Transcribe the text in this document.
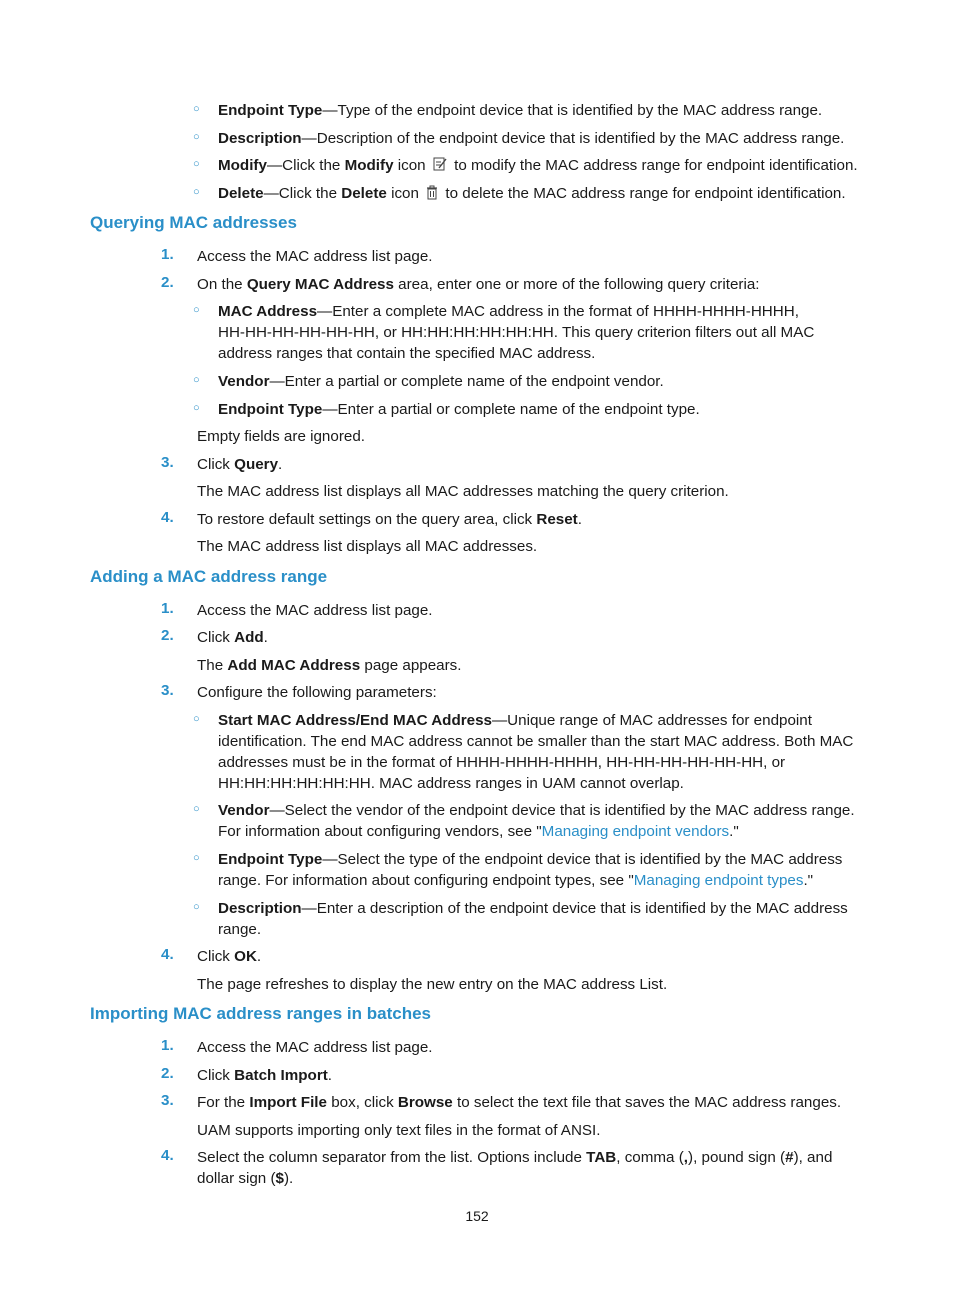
○ Endpoint Type—Type of the endpoint device that is identified by the MAC address range.
○ Description—Description of the endpoint device that is identified by the MAC address range.
○ Modify—Click the Modify icon  to modify the MAC address range for endpoint identification.
○ Delete—Click the Delete icon  to delete the MAC address range for endpoint identification.
Querying MAC addresses
1. Access the MAC address list page.
2. On the Query MAC Address area, enter one or more of the following query criteria:
○ MAC Address—Enter a complete MAC address in the format of HHHH-HHHH-HHHH,
HH-HH-HH-HH-HH-HH, or HH:HH:HH:HH:HH:HH. This query criterion filters out all MAC
address ranges that contain the specified MAC address.
○ Vendor—Enter a partial or complete name of the endpoint vendor.
○ Endpoint Type—Enter a partial or complete name of the endpoint type.
Empty fields are ignored.
3. Click Query.
The MAC address list displays all MAC addresses matching the query criterion.
4. To restore default settings on the query area, click Reset.
The MAC address list displays all MAC addresses.
Adding a MAC address range
1. Access the MAC address list page.
2. Click Add.
The Add MAC Address page appears.
3. Configure the following parameters:
○ Start MAC Address/End MAC Address—Unique range of MAC addresses for endpoint
identification. The end MAC address cannot be smaller than the start MAC address. Both MAC
addresses must be in the format of HHHH-HHHH-HHHH, HH-HH-HH-HH-HH-HH, or
HH:HH:HH:HH:HH:HH. MAC address ranges in UAM cannot overlap.
○ Vendor—Select the vendor of the endpoint device that is identified by the MAC address range.
For information about configuring vendors, see "Managing endpoint vendors."
○ Endpoint Type—Select the type of the endpoint device that is identified by the MAC address
range. For information about configuring endpoint types, see "Managing endpoint types."
○ Description—Enter a description of the endpoint device that is identified by the MAC address
range.
4. Click OK.
The page refreshes to display the new entry on the MAC address List.
Importing MAC address ranges in batches
1. Access the MAC address list page.
2. Click Batch Import.
3. For the Import File box, click Browse to select the text file that saves the MAC address ranges.
UAM supports importing only text files in the format of ANSI.
4. Select the column separator from the list. Options include TAB, comma (,), pound sign (#), and
dollar sign ($).
152
